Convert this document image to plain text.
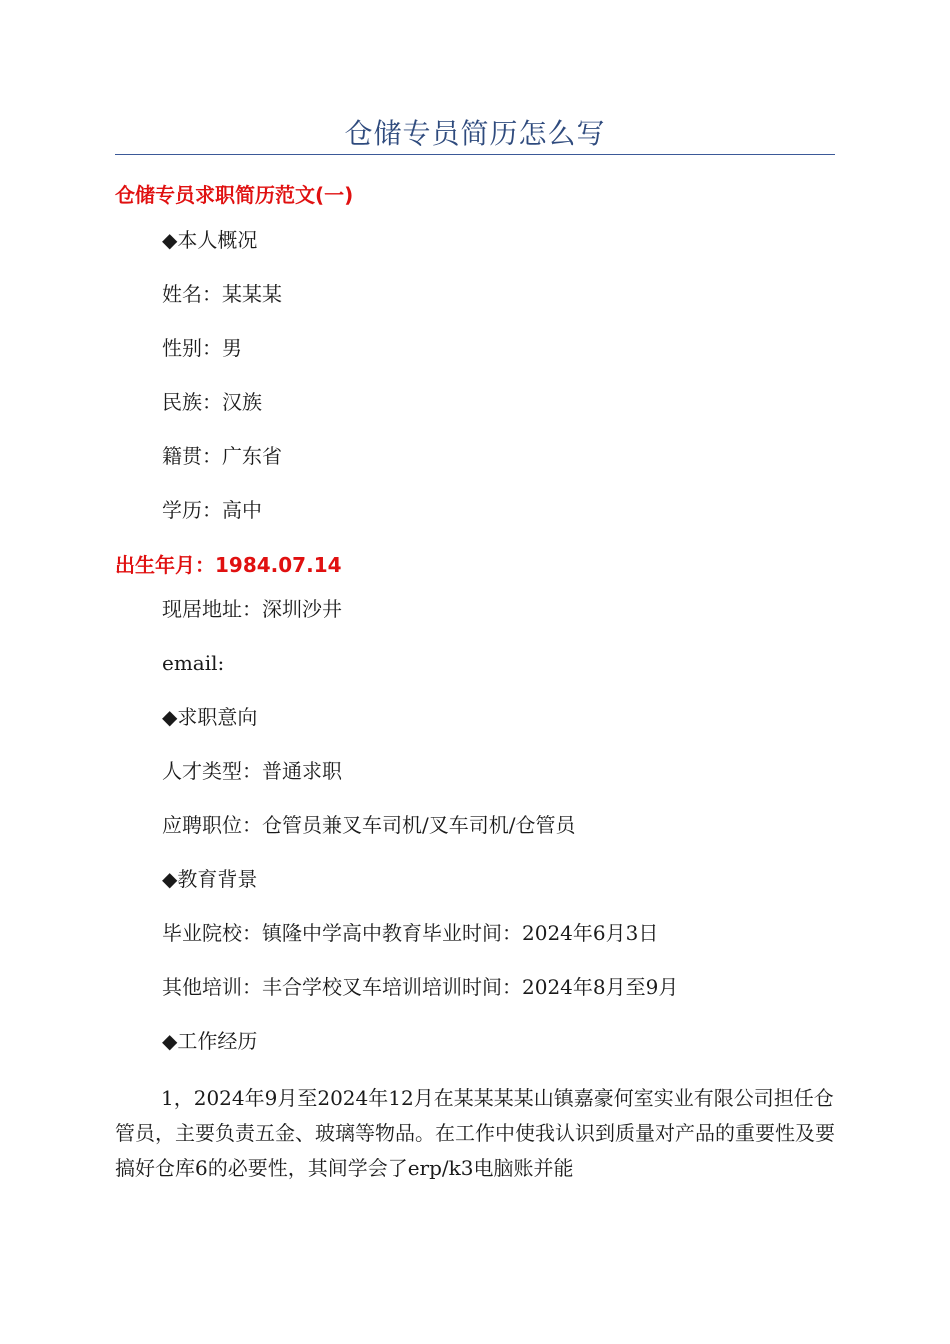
仓储专员简历怎么写
仓储专员求职简历范文(一)
◆本人概况
姓名：某某某
性别：男
民族：汉族
籍贯：广东省
学历：高中
出生年月：1984.07.14
现居地址：深圳沙井
email:
◆求职意向
人才类型：普通求职
应聘职位：仓管员兼叉车司机/叉车司机/仓管员
◆教育背景
毕业院校：镇隆中学高中教育毕业时间：2024年6月3日
其他培训：丰合学校叉车培训培训时间：2024年8月至9月
◆工作经历
1，2024年9月至2024年12月在某某某某山镇嘉豪何室实业有限公司担任仓管员，主要负责五金、玻璃等物品。在工作中使我认识到质量对产品的重要性及要搞好仓库6的必要性，其间学会了erp/k3电脑账并能
